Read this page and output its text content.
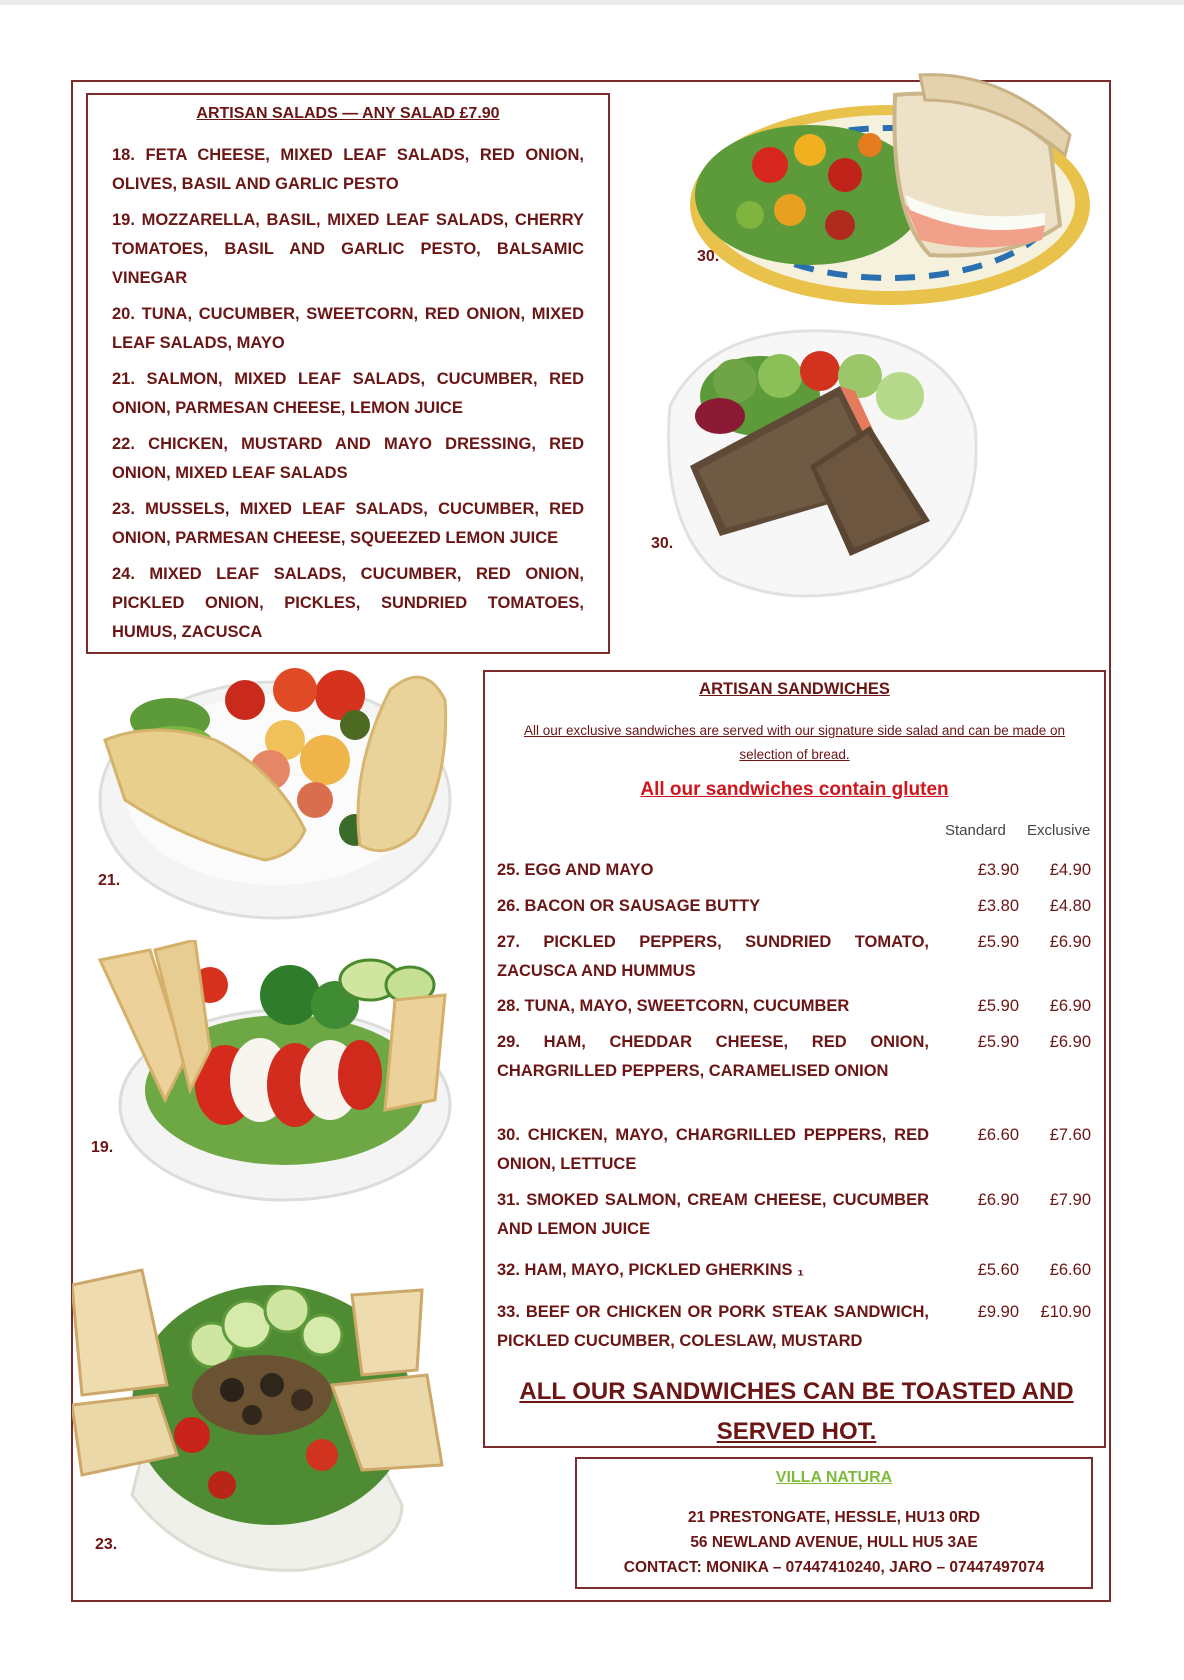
ARTISAN SALADS — ANY SALAD £7.90
18. FETA CHEESE, MIXED LEAF SALADS, RED ONION, OLIVES, BASIL AND GARLIC PESTO
19. MOZZARELLA, BASIL, MIXED LEAF SALADS, CHERRY TOMATOES, BASIL AND GARLIC PESTO, BALSAMIC VINEGAR
20. TUNA, CUCUMBER, SWEETCORN, RED ONION, MIXED LEAF SALADS, MAYO
21. SALMON, MIXED LEAF SALADS, CUCUMBER, RED ONION, PARMESAN CHEESE, LEMON JUICE
22. CHICKEN, MUSTARD AND MAYO DRESSING, RED ONION, MIXED LEAF SALADS
23. MUSSELS, MIXED LEAF SALADS, CUCUMBER, RED ONION, PARMESAN CHEESE, SQUEEZED LEMON JUICE
24. MIXED LEAF SALADS, CUCUMBER, RED ONION, PICKLED ONION, PICKLES, SUNDRIED TOMATOES, HUMUS, ZACUSCA
30.
30.
21.
19.
23.
ARTISAN SANDWICHES
All our exclusive sandwiches are served with our signature side salad and can be made on selection of bread.
All our sandwiches contain gluten
Standard Exclusive
25. EGG AND MAYO	£3.90	£4.90
26. BACON OR SAUSAGE BUTTY	£3.80	£4.80
27. PICKLED PEPPERS, SUNDRIED TOMATO, ZACUSCA AND HUMMUS
£5.90	£6.90
28. TUNA, MAYO, SWEETCORN, CUCUMBER	£5.90	£6.90
29. HAM, CHEDDAR CHEESE, RED ONION, CHARGRILLED PEPPERS, CARAMELISED ONION
£5.90	£6.90
30. CHICKEN, MAYO, CHARGRILLED PEPPERS, RED ONION, LETTUCE
£6.60	£7.60
31. SMOKED SALMON, CREAM CHEESE, CUCUMBER AND LEMON JUICE
£6.90	£7.90
32. HAM, MAYO, PICKLED GHERKINS ₁	£5.60	£6.60
33. BEEF OR CHICKEN OR PORK STEAK SANDWICH, PICKLED CUCUMBER, COLESLAW, MUSTARD
£9.90	£10.90
ALL OUR SANDWICHES CAN BE TOASTED AND
SERVED HOT.
VILLA NATURA
21 PRESTONGATE, HESSLE, HU13 0RD
56 NEWLAND AVENUE, HULL HU5 3AE
CONTACT: MONIKA – 07447410240, JARO – 07447497074
